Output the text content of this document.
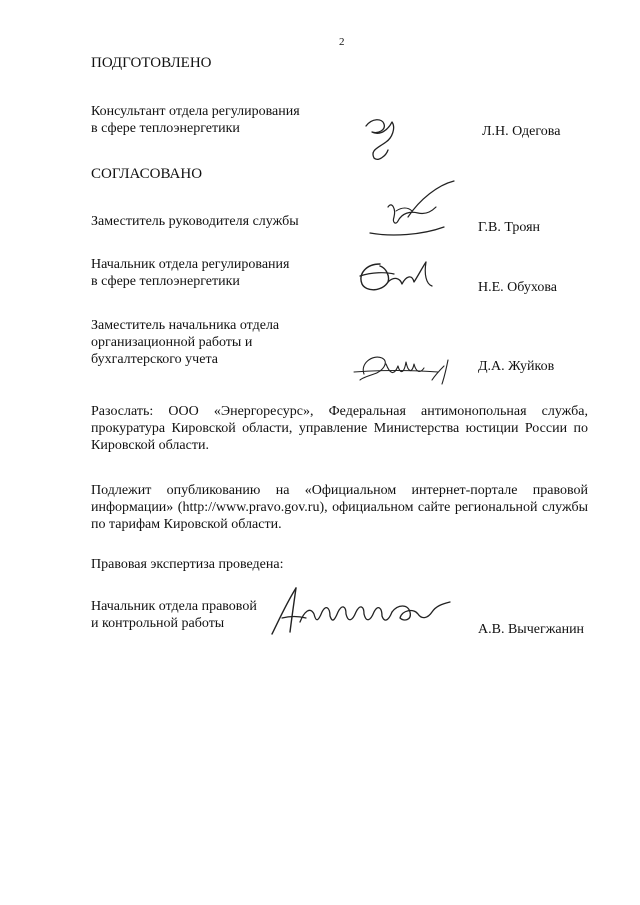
2
ПОДГОТОВЛЕНО
Консультант отдела регулирования
в сфере теплоэнергетики	Л.Н. Одегова
СОГЛАСОВАНО
Заместитель руководителя службы	Г.В. Троян
Начальник отдела регулирования
в сфере теплоэнергетики	Н.Е. Обухова
Заместитель начальника отдела
организационной работы и
бухгалтерского учета	Д.А. Жуйков
Разослать: ООО «Энергоресурс», Федеральная антимонопольная служба, прокуратура Кировской области, управление Министерства юстиции России по Кировской области.
Подлежит опубликованию на «Официальном интернет-портале правовой информации» (http://www.pravo.gov.ru), официальном сайте региональной службы по тарифам Кировской области.
Правовая экспертиза проведена:
Начальник отдела правовой
и контрольной работы	А.В. Вычегжанин
